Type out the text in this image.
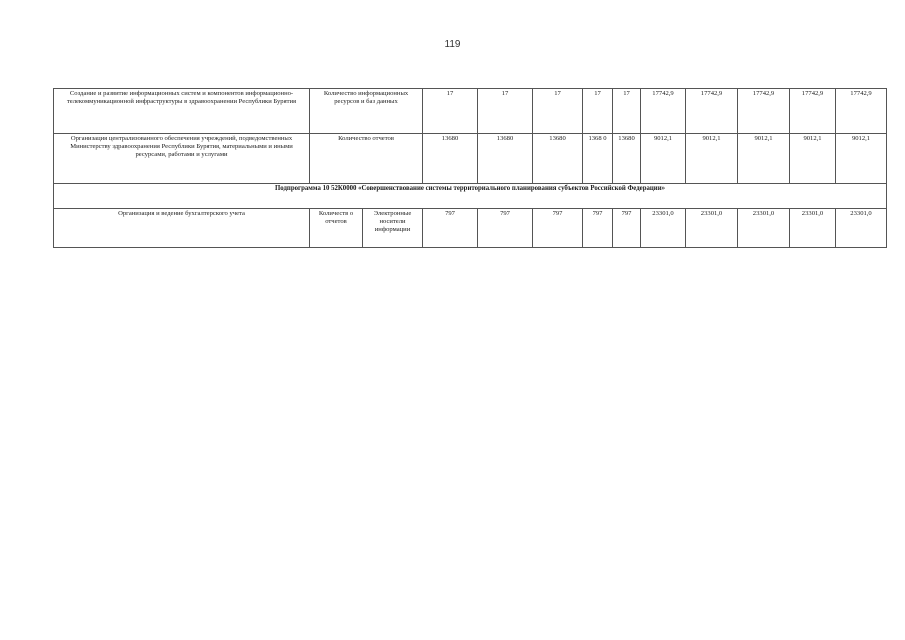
119
Создание и развитие информационных систем и компонентов информационно-телекоммуникационной инфраструктуры в здравоохранении Республики Бурятия	Количество информационных ресурсов и баз данных		17	17	17	17	17	17742,9	17742,9	17742,9	17742,9	17742,9
Организация централизованного обеспечения учреждений, подведомственных Министерству здравоохранения Республики Бурятия, материальными и иными ресурсами, работами и услугами	Количество отчетов		13680	13680	13680	1368 0	13680	9012,1	9012,1	9012,1	9012,1	9012,1
Подпрограмма 10 52К0000 «Совершенствование системы территориального планирования субъектов Российской Федерации»												
Организация и ведение бухгалтерского учета	Количеств о отчетов	Электронные носители информации	797	797	797	797	797	23301,0	23301,0	23301,0	23301,0	23301,0
